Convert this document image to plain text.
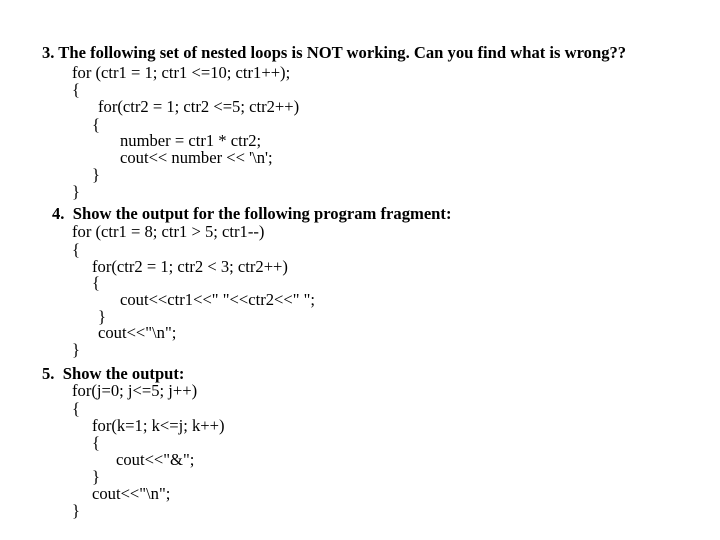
3. The following set of nested loops is NOT working. Can you find what is wrong??
for (ctr1 = 1; ctr1 <=10; ctr1++);
{
for(ctr2 = 1; ctr2 <=5; ctr2++)
{
number = ctr1 * ctr2;
cout<< number << '\n';
}
}
4.  Show the output for the following program fragment:
for (ctr1 = 8; ctr1 > 5; ctr1--)
{
for(ctr2 = 1; ctr2 < 3; ctr2++)
{
cout<<ctr1<<" "<<ctr2<<" ";
}
cout<<"\n";
}
5.  Show the output:
for(j=0; j<=5; j++)
{
for(k=1; k<=j; k++)
{
cout<<"&";
}
cout<<"\n";
}
